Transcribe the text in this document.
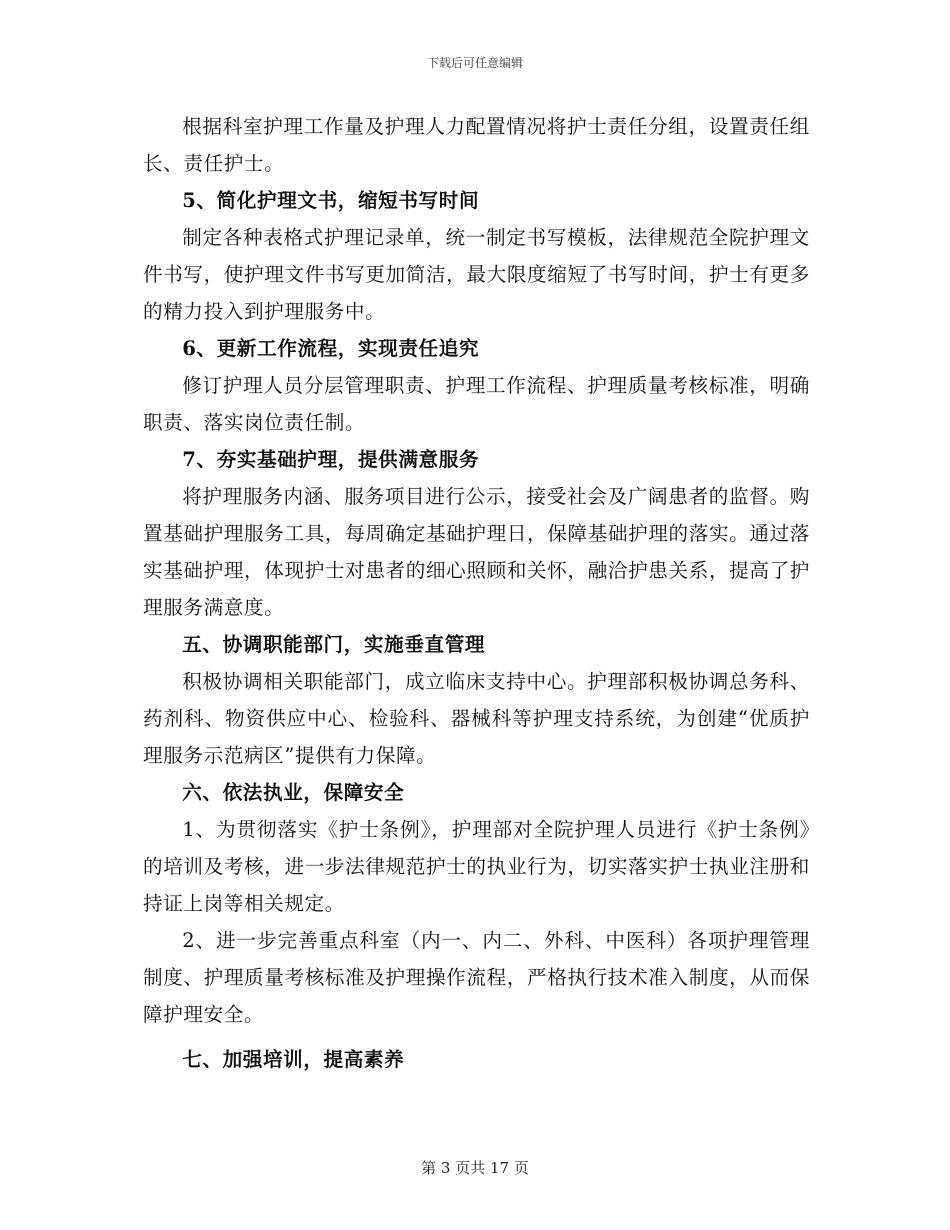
下载后可任意编辑

根据科室护理工作量及护理人力配置情况将护士责任分组，设置责任组长、责任护士。

5、简化护理文书，缩短书写时间

制定各种表格式护理记录单，统一制定书写模板，法律规范全院护理文件书写，使护理文件书写更加简洁，最大限度缩短了书写时间，护士有更多的精力投入到护理服务中。

6、更新工作流程，实现责任追究

修订护理人员分层管理职责、护理工作流程、护理质量考核标准，明确职责、落实岗位责任制。

7、夯实基础护理，提供满意服务

将护理服务内涵、服务项目进行公示，接受社会及广阔患者的监督。购置基础护理服务工具，每周确定基础护理日，保障基础护理的落实。通过落实基础护理，体现护士对患者的细心照顾和关怀，融洽护患关系，提高了护理服务满意度。

五、协调职能部门，实施垂直管理

积极协调相关职能部门，成立临床支持中心。护理部积极协调总务科、药剂科、物资供应中心、检验科、器械科等护理支持系统，为创建“优质护理服务示范病区”提供有力保障。

六、依法执业，保障安全

1、为贯彻落实《护士条例》，护理部对全院护理人员进行《护士条例》的培训及考核，进一步法律规范护士的执业行为，切实落实护士执业注册和持证上岗等相关规定。

2、进一步完善重点科室（内一、内二、外科、中医科）各项护理管理制度、护理质量考核标准及护理操作流程，严格执行技术准入制度，从而保障护理安全。

七、加强培训，提高素养
第 3 页共 17 页
